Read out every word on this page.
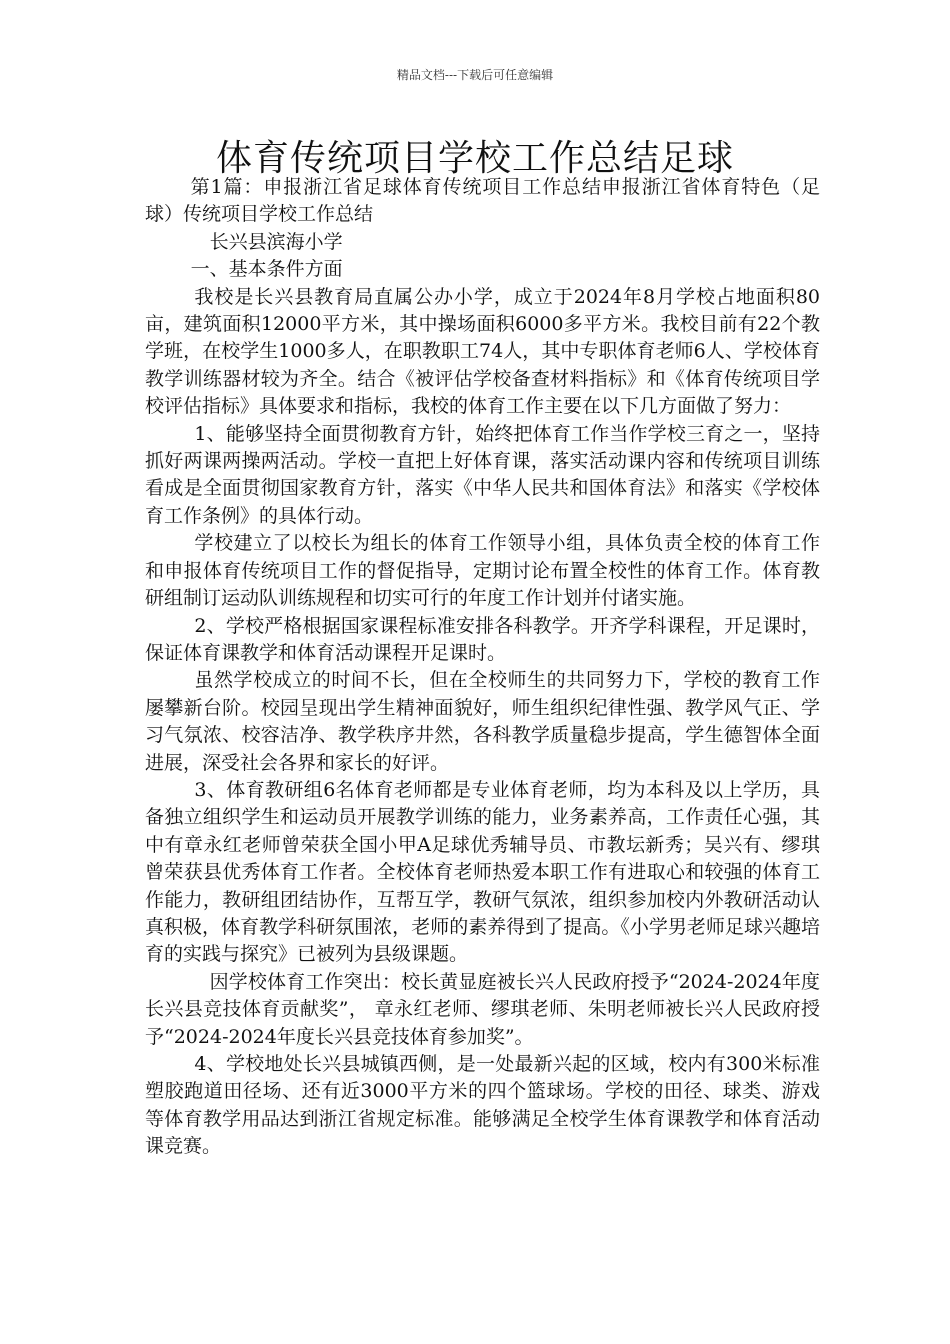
精品文档---下载后可任意编辑
体育传统项目学校工作总结足球

第1篇：申报浙江省足球体育传统项目工作总结申报浙江省体育特色（足球）传统项目学校工作总结

长兴县滨海小学

一、基本条件方面

我校是长兴县教育局直属公办小学，成立于2024年8月学校占地面积80亩，建筑面积12000平方米，其中操场面积6000多平方米。我校目前有22个教学班，在校学生1000多人，在职教职工74人，其中专职体育老师6人、学校体育教学训练器材较为齐全。结合《被评估学校备查材料指标》和《体育传统项目学校评估指标》具体要求和指标，我校的体育工作主要在以下几方面做了努力：

1、能够坚持全面贯彻教育方针，始终把体育工作当作学校三育之一，坚持抓好两课两操两活动。学校一直把上好体育课，落实活动课内容和传统项目训练看成是全面贯彻国家教育方针，落实《中华人民共和国体育法》和落实《学校体育工作条例》的具体行动。

学校建立了以校长为组长的体育工作领导小组，具体负责全校的体育工作和申报体育传统项目工作的督促指导，定期讨论布置全校性的体育工作。体育教研组制订运动队训练规程和切实可行的年度工作计划并付诸实施。

2、学校严格根据国家课程标准安排各科教学。开齐学科课程，开足课时，保证体育课教学和体育活动课程开足课时。

虽然学校成立的时间不长，但在全校师生的共同努力下，学校的教育工作屡攀新台阶。校园呈现出学生精神面貌好，师生组织纪律性强、教学风气正、学习气氛浓、校容洁净、教学秩序井然，各科教学质量稳步提高，学生德智体全面进展，深受社会各界和家长的好评。

3、体育教研组6名体育老师都是专业体育老师，均为本科及以上学历，具备独立组织学生和运动员开展教学训练的能力，业务素养高，工作责任心强，其中有章永红老师曾荣获全国小甲A足球优秀辅导员、市教坛新秀；吴兴有、缪琪曾荣获县优秀体育工作者。全校体育老师热爱本职工作有进取心和较强的体育工作能力，教研组团结协作，互帮互学，教研气氛浓，组织参加校内外教研活动认真积极，体育教学科研氛围浓，老师的素养得到了提高。《小学男老师足球兴趣培育的实践与探究》已被列为县级课题。

因学校体育工作突出：校长黄显庭被长兴人民政府授予“2024-2024年度长兴县竞技体育贡献奖”， 章永红老师、缪琪老师、朱明老师被长兴人民政府授予“2024-2024年度长兴县竞技体育参加奖”。

4、学校地处长兴县城镇西侧，是一处最新兴起的区域，校内有300米标准塑胶跑道田径场、还有近3000平方米的四个篮球场。学校的田径、球类、游戏等体育教学用品达到浙江省规定标准。能够满足全校学生体育课教学和体育活动课竞赛。
